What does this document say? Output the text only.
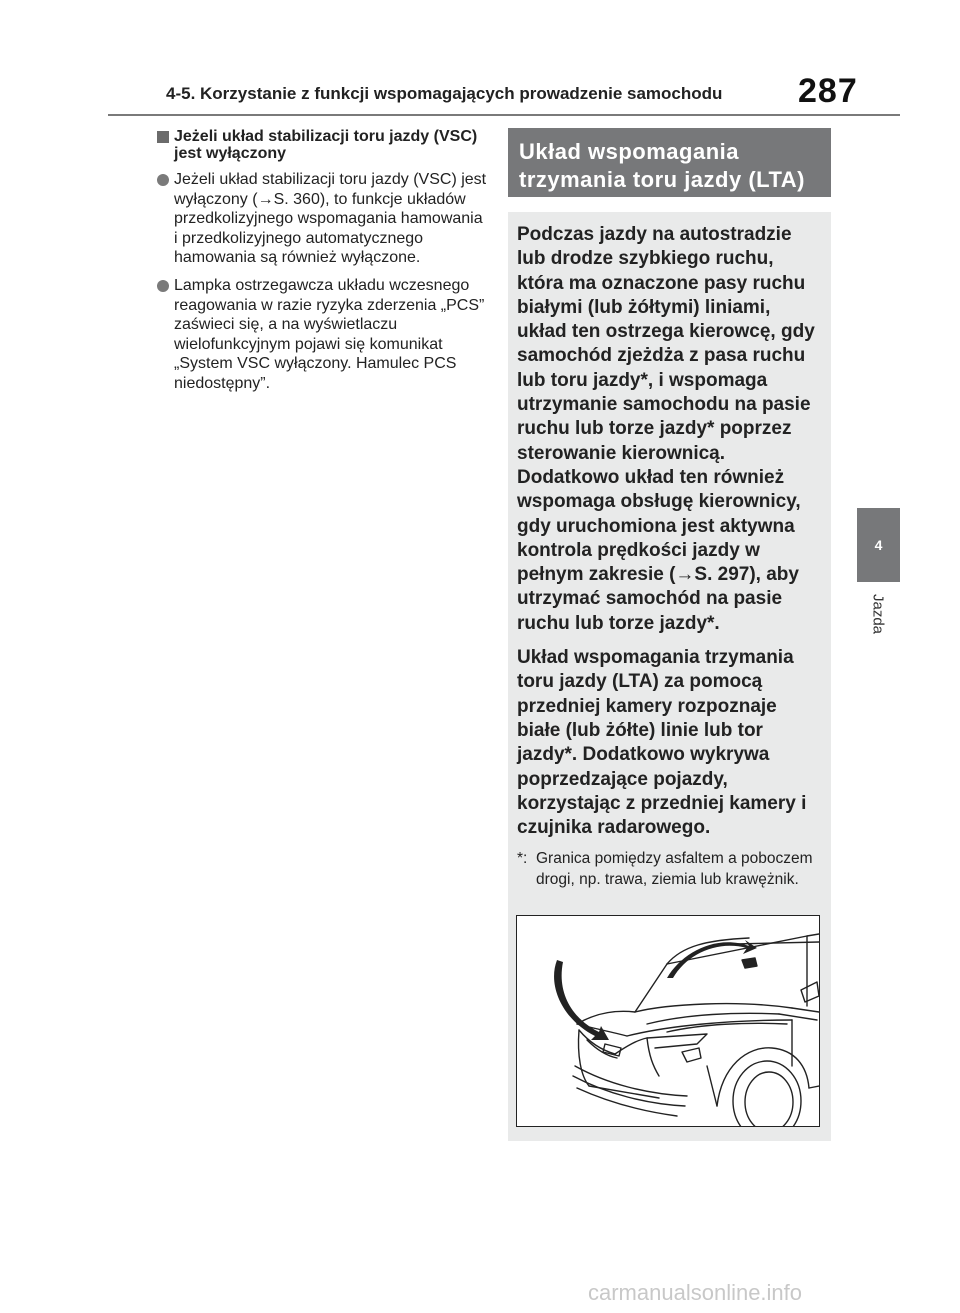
4-5. Korzystanie z funkcji wspomagających prowadzenie samochodu 287
4
Jazda
Jeżeli układ stabilizacji toru jazdy (VSC) jest wyłączony
Jeżeli układ stabilizacji toru jazdy (VSC) jest wyłączony (→S. 360), to funkcje układów przedkolizyjnego wspomagania hamowania i przedkolizyjnego automatycznego hamowania są również wyłączone.
Lampka ostrzegawcza układu wczesnego reagowania w razie ryzyka zderzenia „PCS” zaświeci się, a na wyświetlaczu wielofunkcyjnym pojawi się komunikat „System VSC wyłączony. Hamulec PCS niedostępny”.
Układ wspomagania trzymania toru jazdy (LTA)

Podczas jazdy na autostradzie lub drodze szybkiego ruchu, która ma oznaczone pasy ruchu białymi (lub żółtymi) liniami, układ ten ostrzega kierowcę, gdy samochód zjeżdża z pasa ruchu lub toru jazdy*, i wspomaga utrzymanie samochodu na pasie ruchu lub torze jazdy* poprzez sterowanie kierownicą. Dodatkowo układ ten również wspomaga obsługę kierownicy, gdy uruchomiona jest aktywna kontrola prędkości jazdy w pełnym zakresie (→S. 297), aby utrzymać samochód na pasie ruchu lub torze jazdy*.

Układ wspomagania trzymania toru jazdy (LTA) za pomocą przedniej kamery rozpoznaje białe (lub żółte) linie lub tor jazdy*. Dodatkowo wykrywa poprzedzające pojazdy, korzystając z przedniej kamery i czujnika radarowego.

*: Granica pomiędzy asfaltem a poboczem drogi, np. trawa, ziemia lub krawężnik.
carmanualsonline.info
